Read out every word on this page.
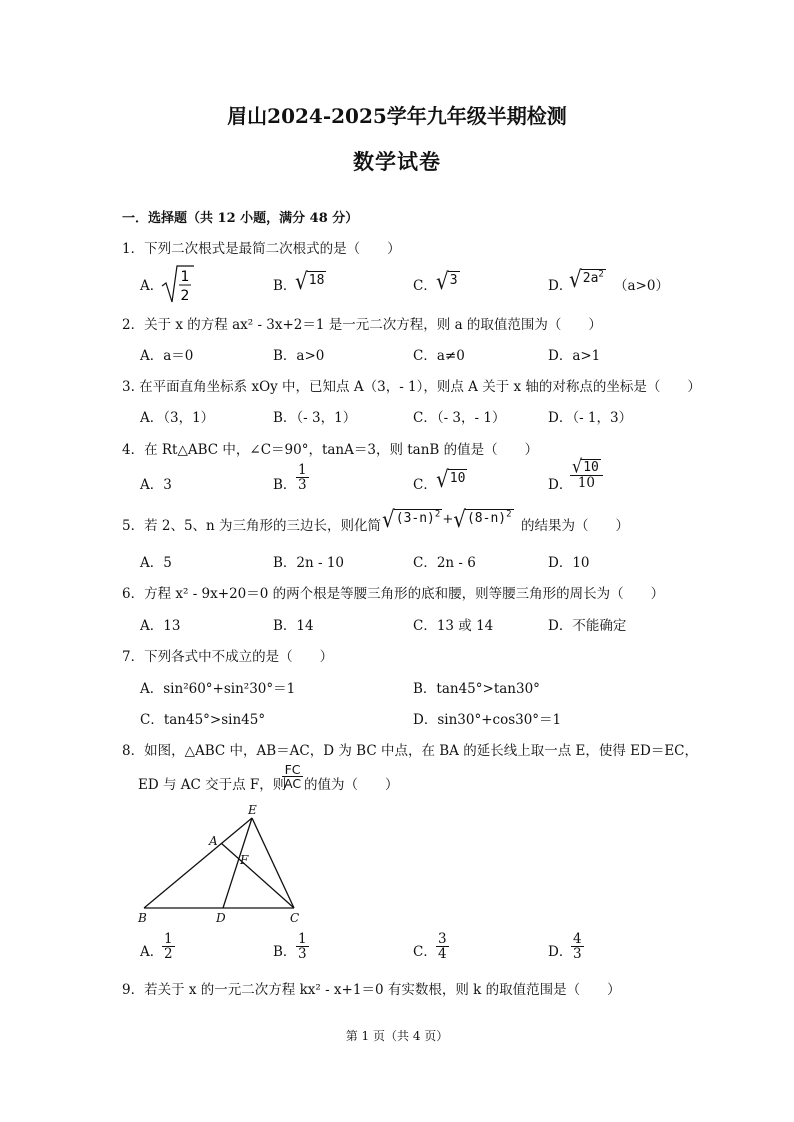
眉山2024-2025学年九年级半期检测
数学试卷
一．选择题（共 12 小题，满分 48 分）
1．下列二次根式是最简二次根式的是（　　）
A．
1
2
B．
√ 18	C． √ 3	D．
√ $2a^2$
（a>0）
2．关于 x 的方程 ax² - 3x+2＝1 是一元二次方程，则 a 的取值范围为（　　）
A．a＝0	B．a>0	C．a≠0	D．a>1
3. 在平面直角坐标系 xOy 中，已知点 A（3，- 1），则点 A 关于 x 轴的对称点的坐标是（　　）
A．（3，1）	B．（- 3，1）	C．（- 3，- 1）	D．（- 1，3）
4．在 Rt△ABC 中，∠C＝90°，tanA＝3，则 tanB 的值是（　　）
A．3	B． $\frac{1}{3}$	C． √ 10	D．
$\frac{√ 10}{10}$
5．若 2、5、n 为三角形的三边长，则化简 √ $(3-n)^2$ + √ $(8-n)^2$
的结果为（　　）
A．5	B．2n - 10	C．2n - 6	D．10
6．方程 x² - 9x+20＝0 的两个根是等腰三角形的底和腰，则等腰三角形的周长为（　　）
A．13	B．14	C．13 或 14	D．不能确定
7．下列各式中不成立的是（　　）
A．sin²60°+sin²30°＝1	B．tan45°>tan30°
C．tan45°>sin45°	D．sin30°+cos30°＝1
8．如图，△ABC 中，AB＝AC，D 为 BC 中点，在 BA 的延长线上取一点 E，使得 ED＝EC，
ED 与 AC 交于点 F，则
$\frac{FC}{AC}$ 的值为（　　）
E
A
F
B	D	C
A．
$\frac{1}{2}$	B． $\frac{1}{3}$	C． $\frac{3}{4}$	D．
$\frac{4}{3}$
9．若关于 x 的一元二次方程 kx² - x+1＝0 有实数根，则 k 的取值范围是（　　）
第 1 页（共 4 页）
